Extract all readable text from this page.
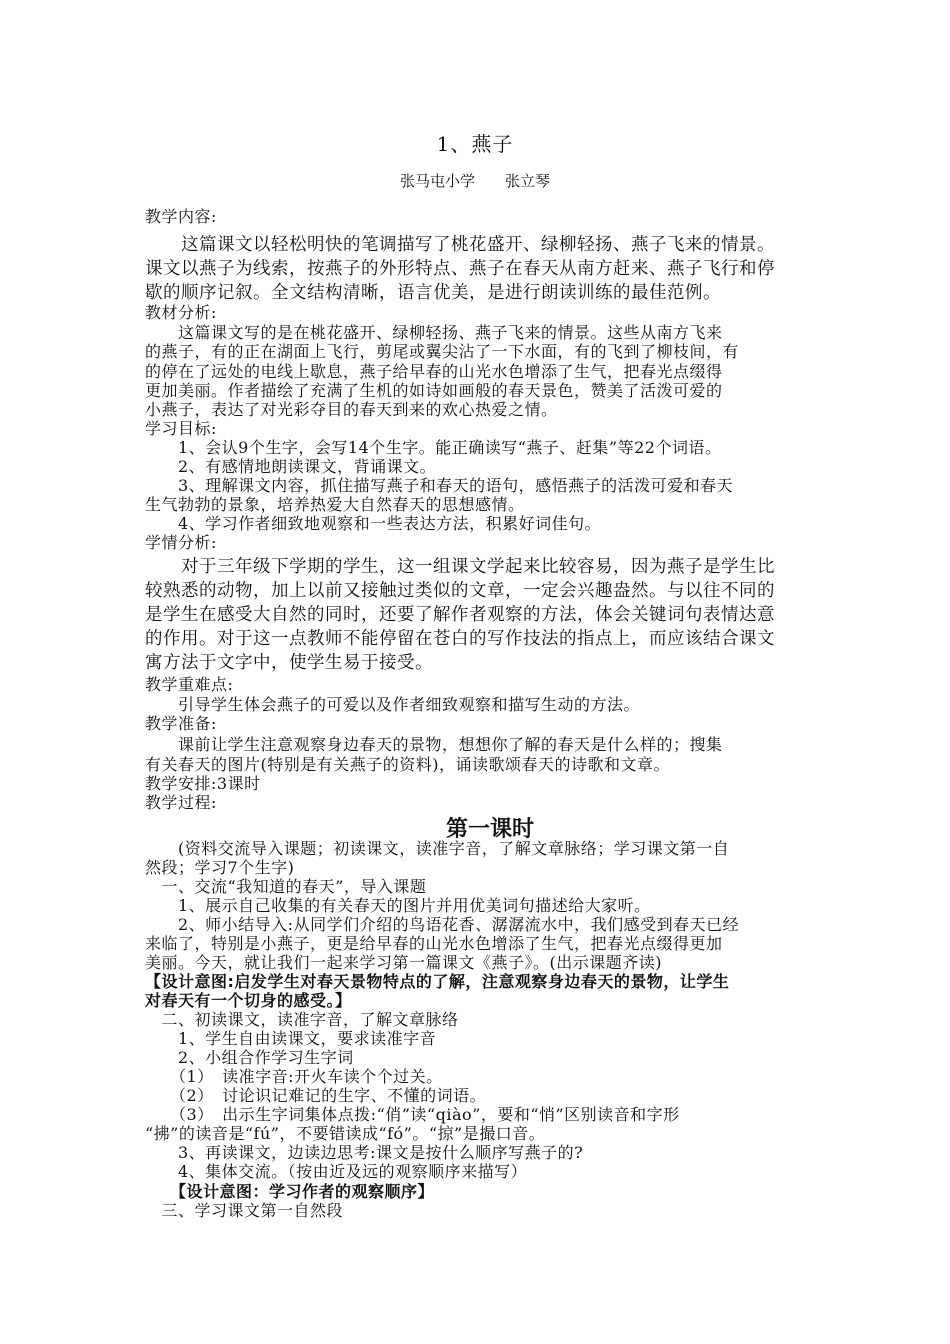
1、燕子
张马屯小学　　张立琴
教学内容:
　　这篇课文以轻松明快的笔调描写了桃花盛开、绿柳轻扬、燕子飞来的情景。
课文以燕子为线索，按燕子的外形特点、燕子在春天从南方赶来、燕子飞行和停
歇的顺序记叙。全文结构清晰，语言优美，是进行朗读训练的最佳范例。
教材分析:
　　这篇课文写的是在桃花盛开、绿柳轻扬、燕子飞来的情景。这些从南方飞来
的燕子，有的正在湖面上飞行，剪尾或翼尖沾了一下水面，有的飞到了柳枝间，有
的停在了远处的电线上歇息，燕子给早春的山光水色增添了生气，把春光点缀得
更加美丽。作者描绘了充满了生机的如诗如画般的春天景色，赞美了活泼可爱的
小燕子，表达了对光彩夺目的春天到来的欢心热爱之情。
学习目标:
　　1、会认9个生字，会写14个生字。能正确读写“燕子、赶集”等22个词语。
　　2、有感情地朗读课文，背诵课文。
　　3、理解课文内容，抓住描写燕子和春天的语句，感悟燕子的活泼可爱和春天
生气勃勃的景象，培养热爱大自然春天的思想感情。
　　4、学习作者细致地观察和一些表达方法，积累好词佳句。
学情分析:
　　对于三年级下学期的学生，这一组课文学起来比较容易，因为燕子是学生比
较熟悉的动物，加上以前又接触过类似的文章，一定会兴趣盎然。与以往不同的
是学生在感受大自然的同时，还要了解作者观察的方法，体会关键词句表情达意
的作用。对于这一点教师不能停留在苍白的写作技法的指点上，而应该结合课文
寓方法于文字中，使学生易于接受。
教学重难点:
　　引导学生体会燕子的可爱以及作者细致观察和描写生动的方法。
教学准备:
　　课前让学生注意观察身边春天的景物，想想你了解的春天是什么样的；搜集
有关春天的图片(特别是有关燕子的资料)，诵读歌颂春天的诗歌和文章。
教学安排:3课时
教学过程:
第一课时
　　(资料交流导入课题；初读课文，读准字音，了解文章脉络；学习课文第一自
然段；学习7个生字)
　一、交流“我知道的春天”，导入课题
　　1、展示自己收集的有关春天的图片并用优美词句描述给大家听。
　　2、师小结导入:从同学们介绍的鸟语花香、潺潺流水中，我们感受到春天已经
来临了，特别是小燕子，更是给早春的山光水色增添了生气，把春光点缀得更加
美丽。今天，就让我们一起来学习第一篇课文《燕子》。(出示课题齐读)
【设计意图:启发学生对春天景物特点的了解，注意观察身边春天的景物，让学生
对春天有一个切身的感受。】
　二、初读课文，读准字音，了解文章脉络
　　1、学生自由读课文，要求读准字音
　　2、小组合作学习生字词
　　（1）　读准字音:开火车读个个过关。
　　（2）　讨论识记难记的生字、不懂的词语。
　　（3）　出示生字词集体点拨:“俏”读“qiào”，要和“悄”区别读音和字形
“拂”的读音是“fú”，不要错读成“fó”。“掠”是撮口音。
　　3、再读课文，边读边思考:课文是按什么顺序写燕子的?
　　4、集体交流。（按由近及远的观察顺序来描写）
　　【设计意图：学习作者的观察顺序】
　三、学习课文第一自然段
